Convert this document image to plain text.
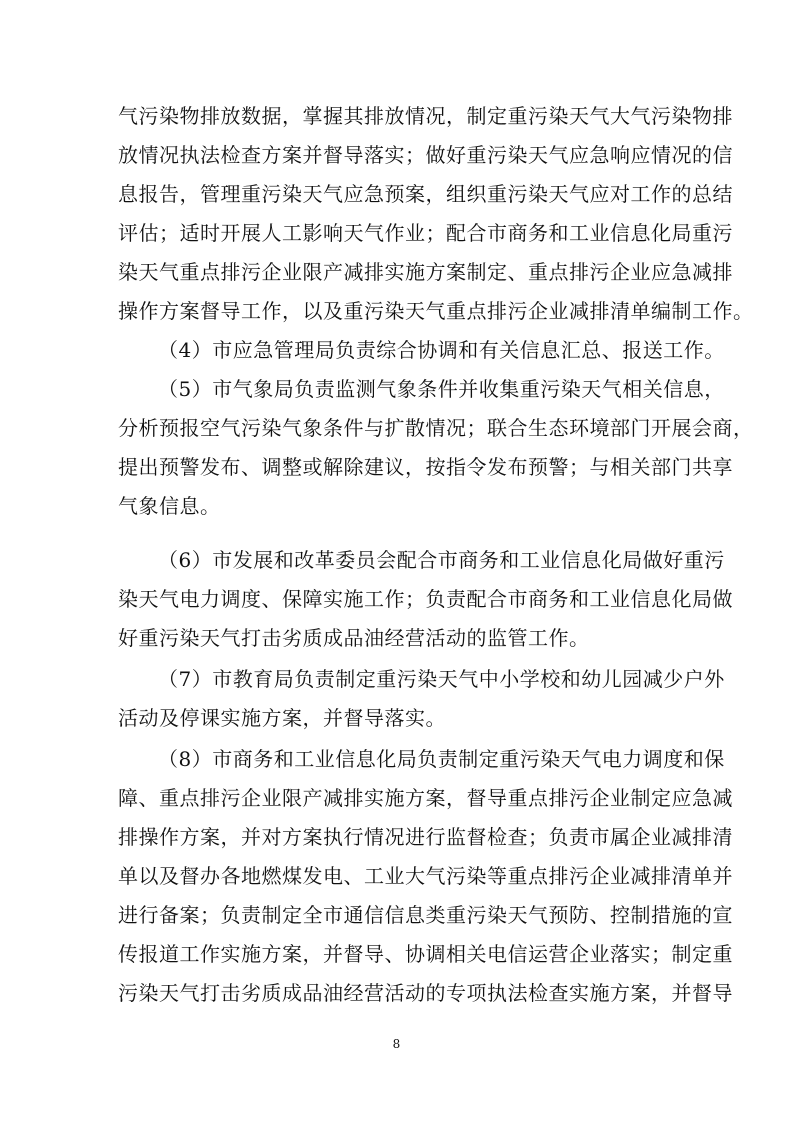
气污染物排放数据，掌握其排放情况，制定重污染天气大气污染物排
放情况执法检查方案并督导落实；做好重污染天气应急响应情况的信
息报告，管理重污染天气应急预案，组织重污染天气应对工作的总结
评估；适时开展人工影响天气作业；配合市商务和工业信息化局重污
染天气重点排污企业限产减排实施方案制定、重点排污企业应急减排
操作方案督导工作，以及重污染天气重点排污企业减排清单编制工作。
（4）市应急管理局负责综合协调和有关信息汇总、报送工作。
（5）市气象局负责监测气象条件并收集重污染天气相关信息，
分析预报空气污染气象条件与扩散情况；联合生态环境部门开展会商，
提出预警发布、调整或解除建议，按指令发布预警；与相关部门共享
气象信息。
（6）市发展和改革委员会配合市商务和工业信息化局做好重污
染天气电力调度、保障实施工作；负责配合市商务和工业信息化局做
好重污染天气打击劣质成品油经营活动的监管工作。
（7）市教育局负责制定重污染天气中小学校和幼儿园减少户外
活动及停课实施方案，并督导落实。
（8）市商务和工业信息化局负责制定重污染天气电力调度和保
障、重点排污企业限产减排实施方案，督导重点排污企业制定应急减
排操作方案，并对方案执行情况进行监督检查；负责市属企业减排清
单以及督办各地燃煤发电、工业大气污染等重点排污企业减排清单并
进行备案；负责制定全市通信信息类重污染天气预防、控制措施的宣
传报道工作实施方案，并督导、协调相关电信运营企业落实；制定重
污染天气打击劣质成品油经营活动的专项执法检查实施方案，并督导
8
